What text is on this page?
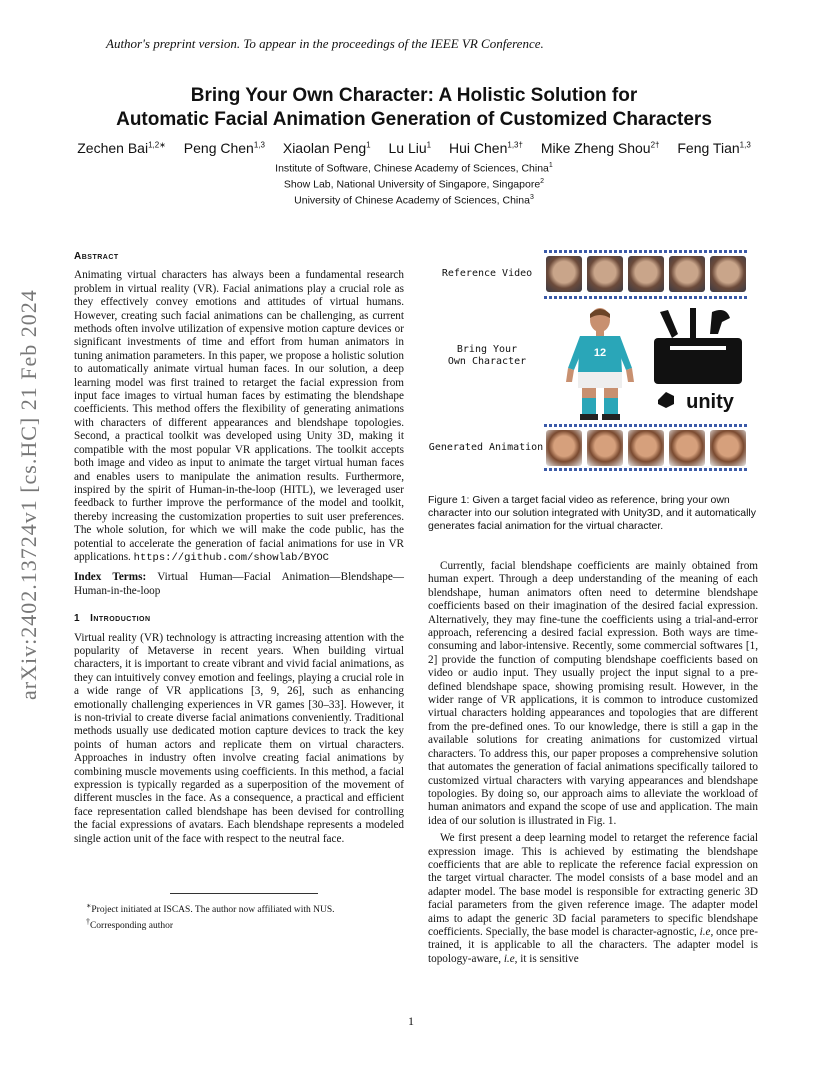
Author's preprint version. To appear in the proceedings of the IEEE VR Conference.
arXiv:2402.13724v1 [cs.HC] 21 Feb 2024
Bring Your Own Character: A Holistic Solution for
Automatic Facial Animation Generation of Customized Characters
Zechen Bai$^{1,2∗}$ Peng Chen$^{1,3}$ Xiaolan Peng$^1$ Lu Liu$^1$ Hui Chen$^{1,3\dagger}$ Mike Zheng Shou$^{2\dagger}$ Feng Tian$^{1,3}$
Institute of Software, Chinese Academy of Sciences, China$^1$
Show Lab, National University of Singapore, Singapore$^2$
University of Chinese Academy of Sciences, China$^3$
Abstract

Animating virtual characters has always been a fundamental research problem in virtual reality (VR). Facial animations play a crucial role as they effectively convey emotions and attitudes of virtual humans. However, creating such facial animations can be challenging, as current methods often involve utilization of expensive motion capture devices or significant investments of time and effort from human animators in tuning animation parameters. In this paper, we propose a holistic solution to automatically animate virtual human faces. In our solution, a deep learning model was first trained to retarget the facial expression from input face images to virtual human faces by estimating the blendshape coefficients. This method offers the flexibility of generating animations with characters of different appearances and blendshape topologies. Second, a practical toolkit was developed using Unity 3D, making it compatible with the most popular VR applications. The toolkit accepts both image and video as input to animate the target virtual human faces and enables users to manipulate the animation results. Furthermore, inspired by the spirit of Human-in-the-loop (HITL), we leveraged user feedback to further improve the performance of the model and toolkit, thereby increasing the customization properties to suit user preferences. The whole solution, for which we will make the code public, has the potential to accelerate the generation of facial animations for use in VR applications. https://github.com/showlab/BYOC

Index Terms: Virtual Human—Facial Animation—Blendshape—Human-in-the-loop

1 Introduction

Virtual reality (VR) technology is attracting increasing attention with the popularity of Metaverse in recent years. When building virtual characters, it is important to create vibrant and vivid facial animations, as they can intuitively convey emotion and feelings, playing a crucial role in a wide range of VR applications [3, 9, 26], such as enhancing emotionally challenging experiences in VR games [30–33]. However, it is non-trivial to create diverse facial animations conveniently. Traditional methods usually use dedicated motion capture devices to track the key points of human actors and replicate them on virtual characters. Approaches in industry often involve creating facial animations by combining muscle movements using coefficients. In this method, a facial expression is typically regarded as a superposition of the movement of different muscles in the face. As a consequence, a practical and efficient face representation called blendshape has been devised for controlling the facial expressions of avatars. Each blendshape represents a modeled single action unit of the face with respect to the neutral face.

∗Project initiated at ISCAS. The author now affiliated with NUS.
†Corresponding author
Reference Video
Bring Your
Own Character
12
unity
Generated Animation
Figure 1: Given a target facial video as reference, bring your own character into our solution integrated with Unity3D, and it automatically generates facial animation for the virtual character.

Currently, facial blendshape coefficients are mainly obtained from human expert. Through a deep understanding of the meaning of each blendshape, human animators often need to determine blendshape coefficients based on their imagination of the desired facial expression. Alternatively, they may fine-tune the coefficients using a trial-and-error approach, referencing a desired facial expression. Both ways are time-consuming and labor-intensive. Recently, some commercial softwares [1, 2] provide the function of computing blendshape coefficients based on video or audio input. They usually project the input signal to a pre-defined blendshape space, showing promising result. However, in the wider range of VR applications, it is common to introduce customized virtual characters holding appearances and topologies that are different from the pre-defined ones. To our knowledge, there is still a gap in the available solutions for creating animations for customized virtual characters. To address this, our paper proposes a comprehensive solution that automates the generation of facial animations specifically tailored to customized virtual characters with varying appearances and blendshape topologies. By doing so, our approach aims to alleviate the workload of human animators and expand the scope of use and application. The main idea of our solution is illustrated in Fig. 1.

We first present a deep learning model to retarget the reference facial expression image. This is achieved by estimating the blendshape coefficients that are able to replicate the reference facial expression on the target virtual character. The model consists of a base model and an adapter model. The base model is responsible for extracting generic 3D facial parameters from the given reference image. The adapter model aims to adapt the generic 3D facial parameters to specific blendshape coefficients. Specially, the base model is character-agnostic, i.e, once pre-trained, it is applicable to all the characters. The adapter model is topology-aware, i.e, it is sensitive

1
